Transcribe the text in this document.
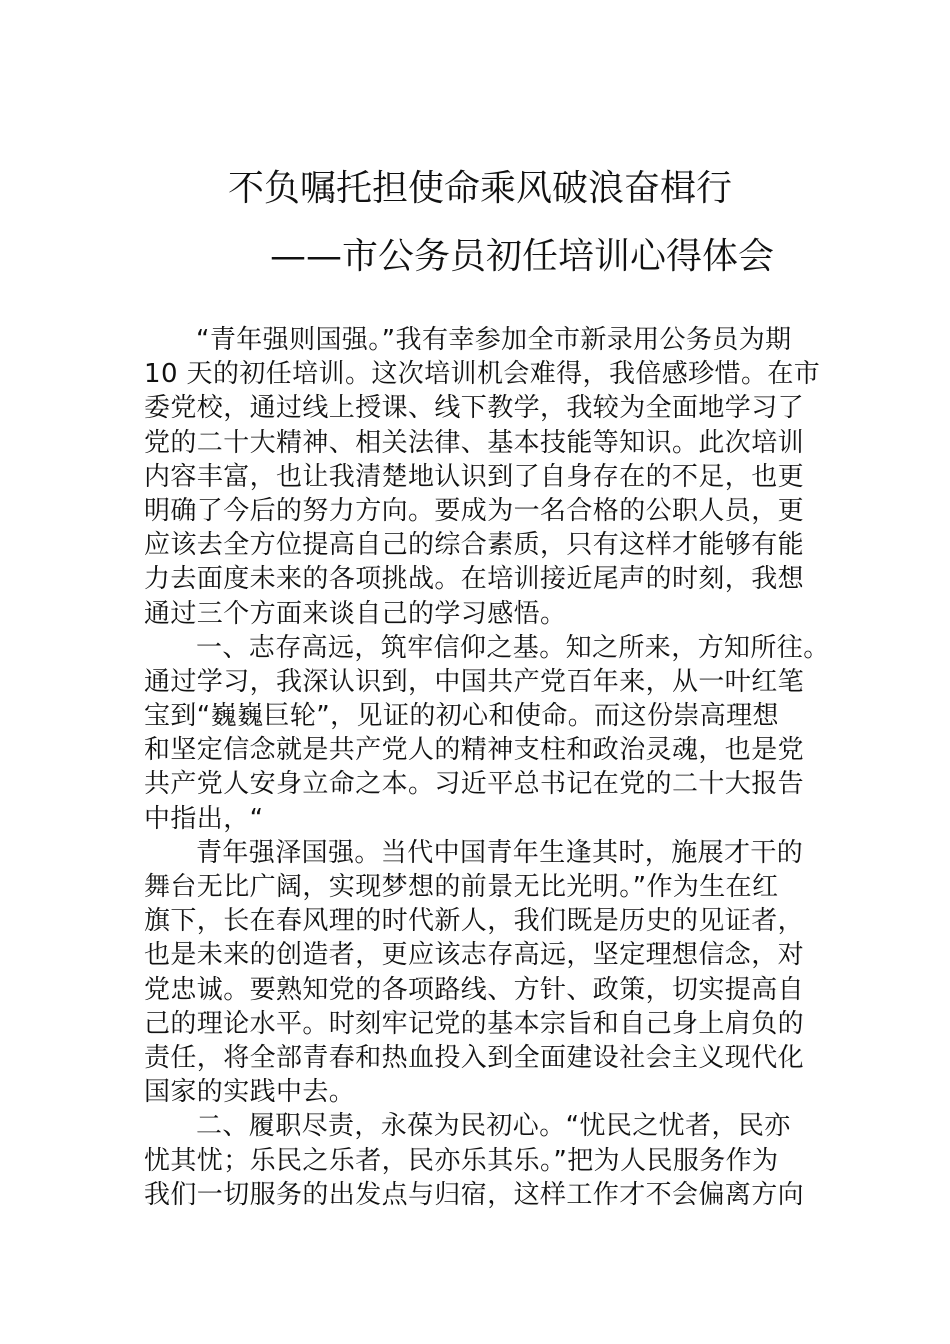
不负嘱托担使命乘风破浪奋楫行
——市公务员初任培训心得体会
“青年强则国强。”我有幸参加全市新录用公务员为期
10 天的初任培训。这次培训机会难得，我倍感珍惜。在市
委党校，通过线上授课、线下教学，我较为全面地学习了
党的二十大精神、相关法律、基本技能等知识。此次培训
内容丰富，也让我清楚地认识到了自身存在的不足，也更
明确了今后的努力方向。要成为一名合格的公职人员，更
应该去全方位提高自己的综合素质，只有这样才能够有能
力去面度未来的各项挑战。在培训接近尾声的时刻，我想
通过三个方面来谈自己的学习感悟。
一、志存高远，筑牢信仰之基。知之所来，方知所往。
通过学习，我深认识到，中国共产党百年来，从一叶红笔
宝到“巍巍巨轮”，见证的初心和使命。而这份崇高理想
和坚定信念就是共产党人的精神支柱和政治灵魂，也是党
共产党人安身立命之本。习近平总书记在党的二十大报告
中指出，“
青年强泽国强。当代中国青年生逢其时，施展才干的
舞台无比广阔，实现梦想的前景无比光明。”作为生在红
旗下，长在春风理的时代新人，我们既是历史的见证者，
也是未来的创造者，更应该志存高远，坚定理想信念，对
党忠诚。要熟知党的各项路线、方针、政策，切实提高自
己的理论水平。时刻牢记党的基本宗旨和自己身上肩负的
责任，将全部青春和热血投入到全面建设社会主义现代化
国家的实践中去。
二、履职尽责，永葆为民初心。“忧民之忧者，民亦
忧其忧；乐民之乐者，民亦乐其乐。”把为人民服务作为
我们一切服务的出发点与归宿，这样工作才不会偏离方向
